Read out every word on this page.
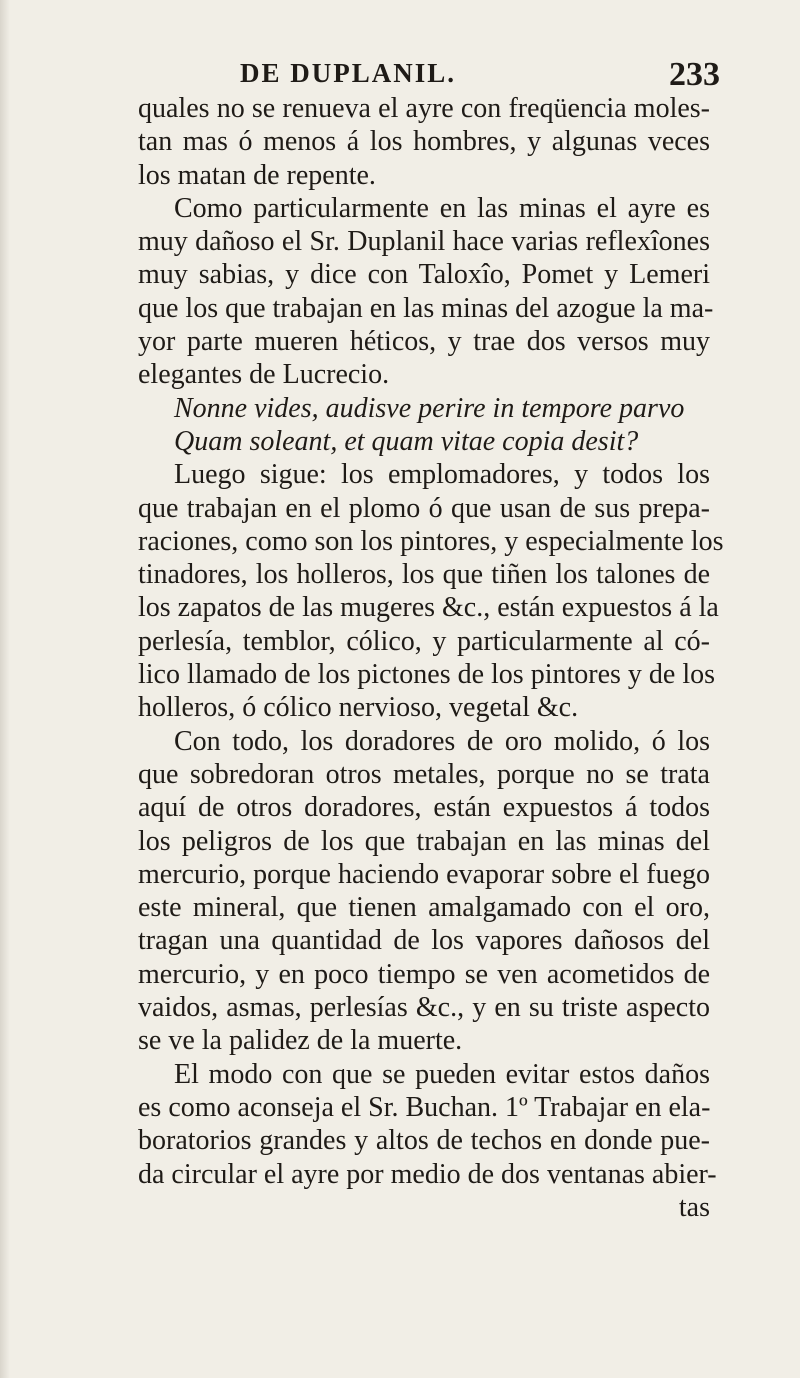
DE DUPLANIL.	233
quales no se renueva el ayre con freqüencia moles-
tan mas ó menos á los hombres, y algunas veces
los matan de repente.
Como particularmente en las minas el ayre es
muy dañoso el Sr. Duplanil hace varias reflexîones
muy sabias, y dice con Taloxîo, Pomet y Lemeri
que los que trabajan en las minas del azogue la ma-
yor parte mueren héticos, y trae dos versos muy
elegantes de Lucrecio.
Nonne vides, audisve perire in tempore parvo
Quam soleant, et quam vitae copia desit?
Luego sigue: los emplomadores, y todos los
que trabajan en el plomo ó que usan de sus prepa-
raciones, como son los pintores, y especialmente los
tinadores, los holleros, los que tiñen los talones de
los zapatos de las mugeres &c., están expuestos á la
perlesía, temblor, cólico, y particularmente al có-
lico llamado de los pictones de los pintores y de los
holleros, ó cólico nervioso, vegetal &c.
Con todo, los doradores de oro molido, ó los
que sobredoran otros metales, porque no se trata
aquí de otros doradores, están expuestos á todos
los peligros de los que trabajan en las minas del
mercurio, porque haciendo evaporar sobre el fuego
este mineral, que tienen amalgamado con el oro,
tragan una quantidad de los vapores dañosos del
mercurio, y en poco tiempo se ven acometidos de
vaidos, asmas, perlesías &c., y en su triste aspecto
se ve la palidez de la muerte.
El modo con que se pueden evitar estos daños
es como aconseja el Sr. Buchan. 1º Trabajar en ela-
boratorios grandes y altos de techos en donde pue-
da circular el ayre por medio de dos ventanas abier-
tas
